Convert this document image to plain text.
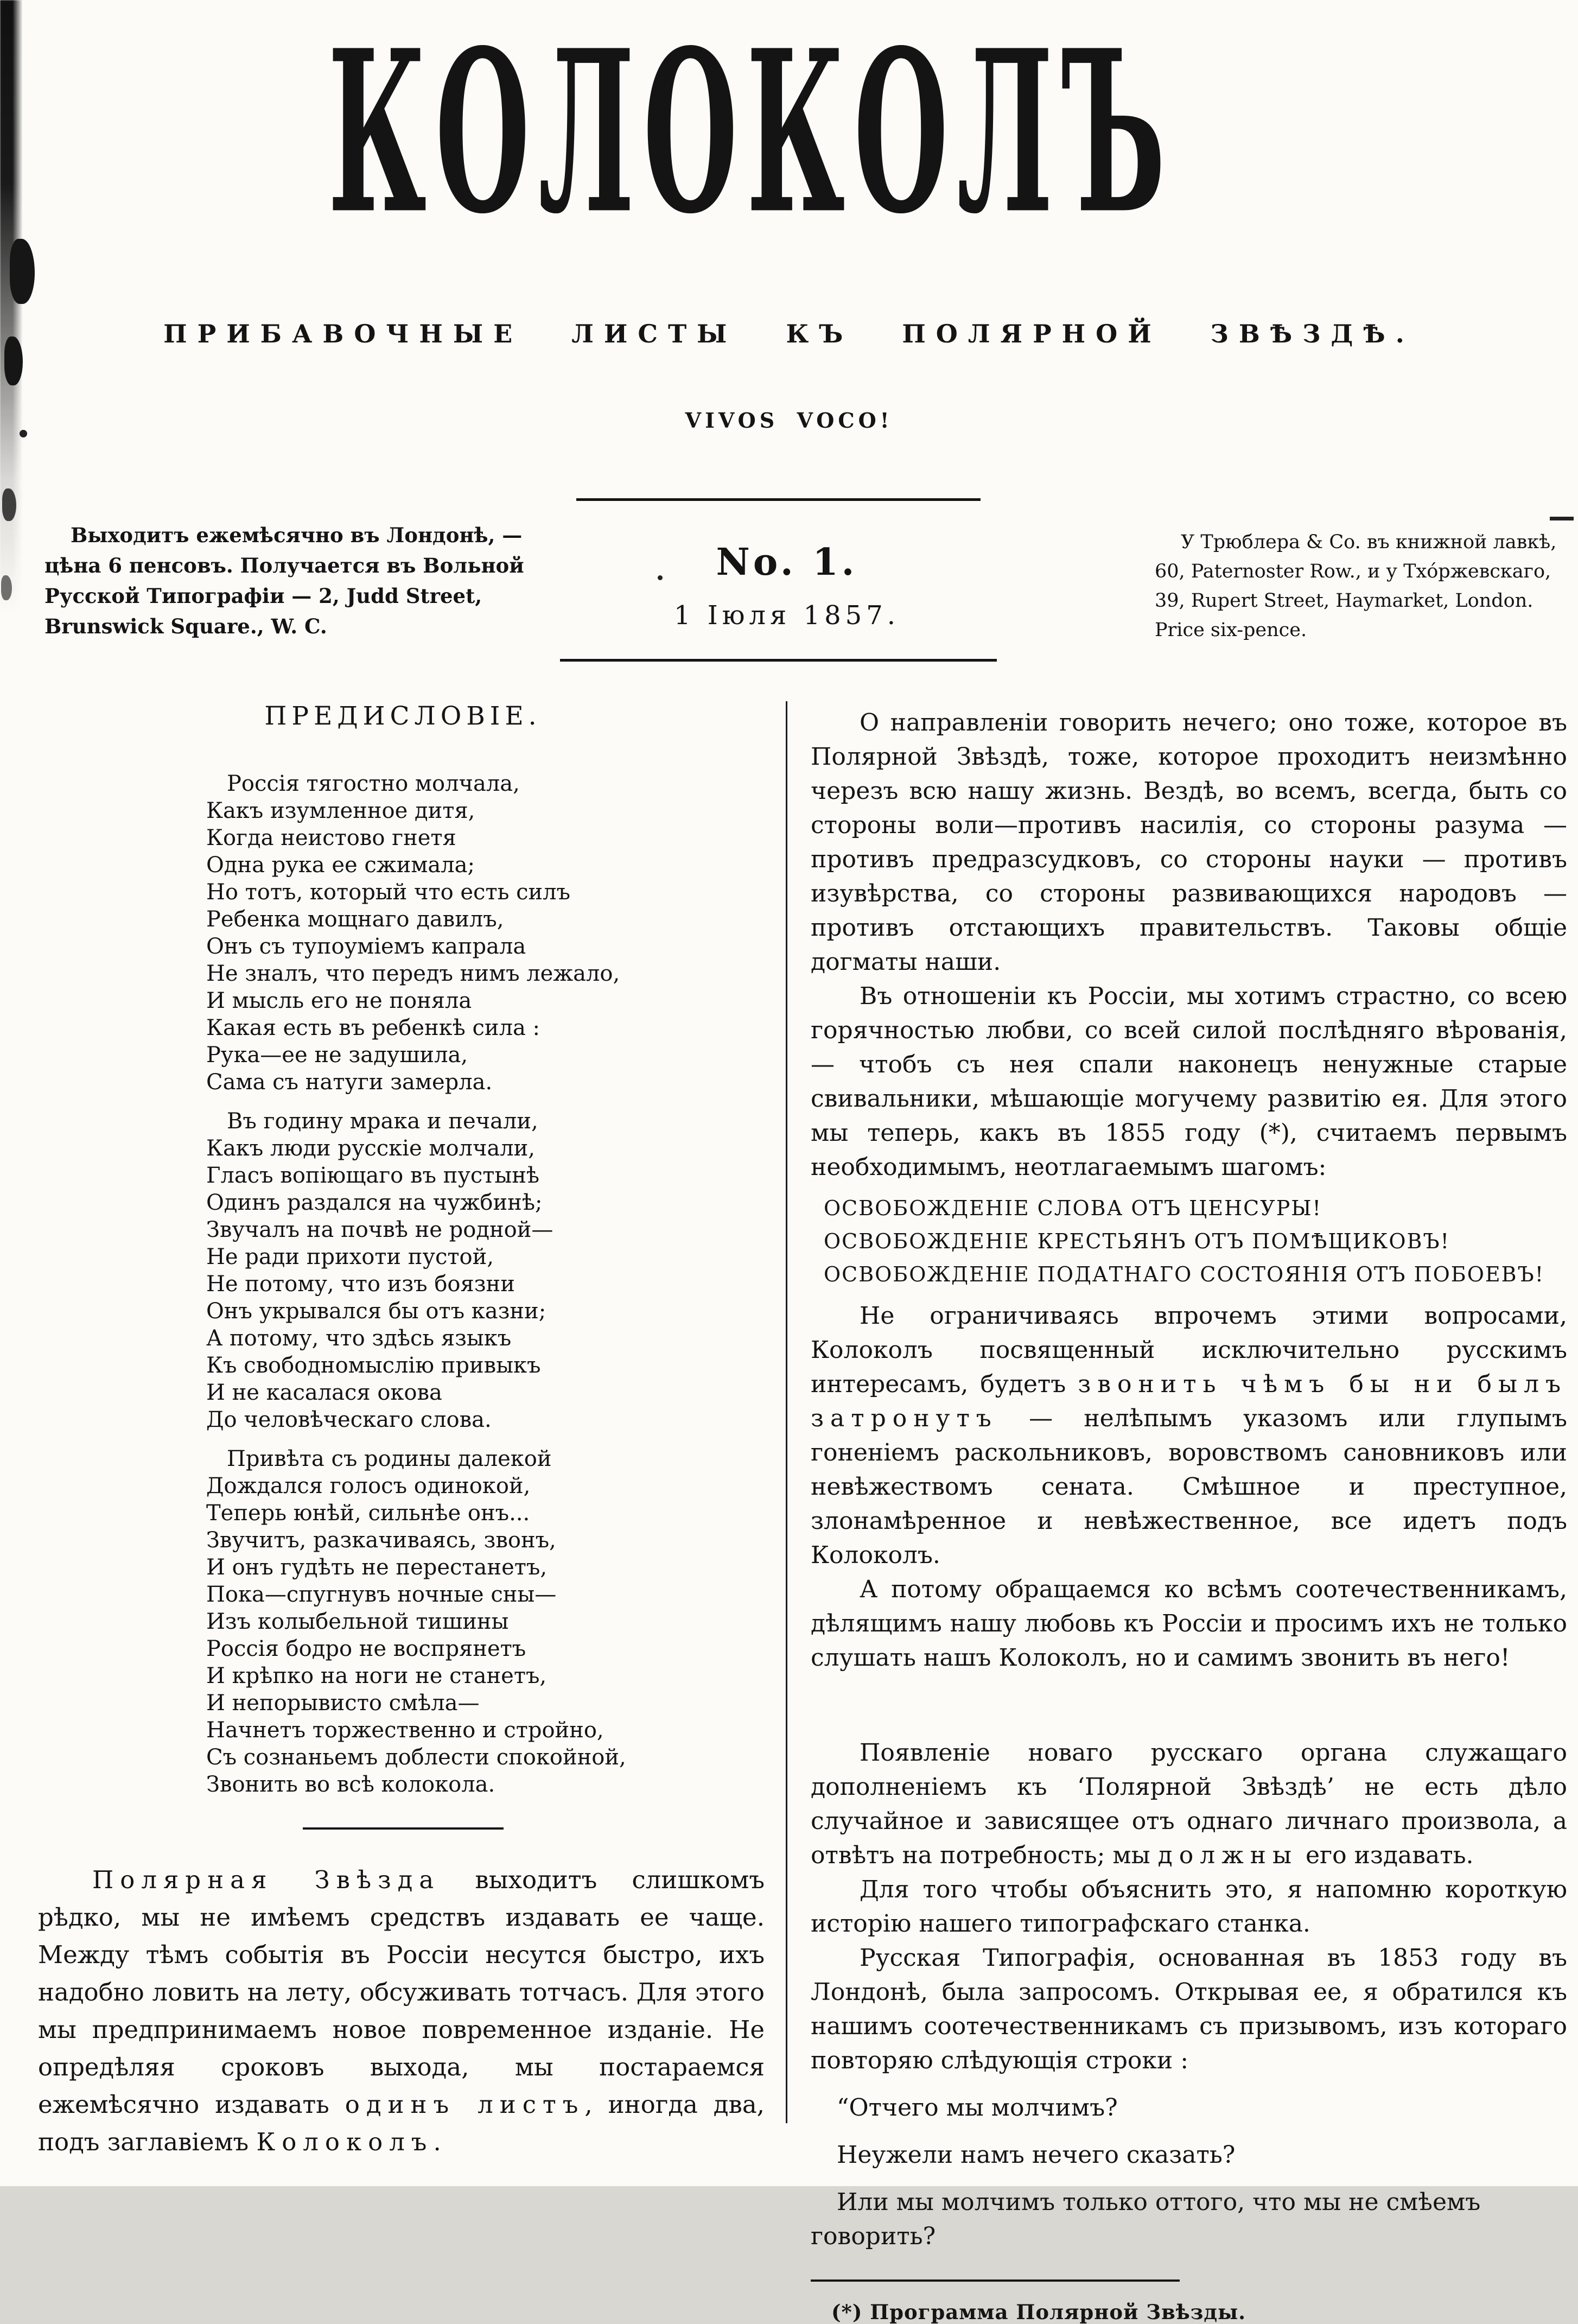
КОЛОКОЛЪ
ПРИБАВОЧНЫЕ ЛИСТЫ КЪ ПОЛЯРНОЙ ЗВѢЗДѢ.
VIVOS VOCO!
Выходитъ ежемѣсячно въ Лондонѣ, —
цѣна 6 пенсовъ. Получается въ Вольной
Русской Типографіи — 2, Judd Street,
Brunswick Square., W. C.
No. 1.
1 Іюля 1857.
У Трюблера & Co. въ книжной лавкѣ,
60, Paternoster Row., и у Тхо́ржевскаго,
39, Rupert Street, Haymarket, London.
Price six-pence.
ПРЕДИСЛОВІЕ.
Россія тягостно молчала,
Какъ изумленное дитя,
Когда неистово гнетя
Одна рука ее сжимала;
Но тотъ, который что есть силъ
Ребенка мощнаго давилъ,
Онъ съ тупоуміемъ капрала
Не зналъ, что передъ нимъ лежало,
И мысль его не поняла
Какая есть въ ребенкѣ сила :
Рука—ее не задушила,
Сама съ натуги замерла.
Въ годину мрака и печали,
Какъ люди русскіе молчали,
Гласъ вопіющаго въ пустынѣ
Одинъ раздался на чужбинѣ;
Звучалъ на почвѣ не родной—
Не ради прихоти пустой,
Не потому, что изъ боязни
Онъ укрывался бы отъ казни;
А потому, что здѣсь языкъ
Къ свободномыслію привыкъ
И не касалася окова
До человѣческаго слова.
Привѣта съ родины далекой
Дождался голосъ одинокой,
Теперь юнѣй, сильнѣе онъ...
Звучитъ, разкачиваясь, звонъ,
И онъ гудѣть не перестанетъ,
Пока—спугнувъ ночные сны—
Изъ колыбельной тишины
Россія бодро не воспрянетъ
И крѣпко на ноги не станетъ,
И непорывисто смѣла—
Начнетъ торжественно и стройно,
Съ сознаньемъ доблести спокойной,
Звонить во всѣ колокола.

Полярная Звѣзда выходитъ слишкомъ рѣдко, мы не имѣемъ средствъ издавать ее чаще. Между тѣмъ событія въ Россіи несутся быстро, ихъ надобно ловить на лету, обсуживать тотчасъ. Для этого мы предпринимаемъ новое повременное изданіе. Не опредѣляя сроковъ выхода, мы постараемся ежемѣсячно издавать одинъ листъ, иногда два, подъ заглавіемъ Колоколъ.

О направленіи говорить нечего; оно тоже, которое въ Полярной Звѣздѣ, тоже, которое проходитъ неизмѣнно черезъ всю нашу жизнь. Вездѣ, во всемъ, всегда, быть со стороны воли—противъ насилія, со стороны разума — противъ предразсудковъ, со стороны науки — противъ изувѣрства, со стороны развивающихся народовъ — противъ отстающихъ правительствъ. Таковы общіе догматы наши.

Въ отношеніи къ Россіи, мы хотимъ страстно, со всею горячностью любви, со всей силой послѣдняго вѣрованія, — чтобъ съ нея спали наконецъ ненужные старые свивальники, мѣшающіе могучему развитію ея. Для этого мы теперь, какъ въ 1855 году (*), считаемъ первымъ необходимымъ, неотлагаемымъ шагомъ:

ОСВОБОЖДЕНІЕ СЛОВА ОТЪ ЦЕНСУРЫ!
ОСВОБОЖДЕНІЕ КРЕСТЬЯНЪ ОТЪ ПОМѢЩИКОВЪ!
ОСВОБОЖДЕНІЕ ПОДАТНАГО СОСТОЯНІЯ ОТЪ ПОБОЕВЪ!

Не ограничиваясь впрочемъ этими вопросами, Колоколъ посвященный исключительно русскимъ интересамъ, будетъ звонить чѣмъ бы ни былъ затронутъ — нелѣпымъ указомъ или глупымъ гоненіемъ раскольниковъ, воровствомъ сановниковъ или невѣжествомъ сената. Смѣшное и преступное, злонамѣренное и невѣжественное, все идетъ подъ Колоколъ.

А потому обращаемся ко всѣмъ соотечественникамъ, дѣлящимъ нашу любовь къ Россіи и просимъ ихъ не только слушать нашъ Колоколъ, но и самимъ звонить въ него!

Появленіе новаго русскаго органа служащаго дополненіемъ къ ‘Полярной Звѣздѣ’ не есть дѣло случайное и зависящее отъ однаго личнаго произвола, а отвѣтъ на потребность; мы должны его издавать.

Для того чтобы объяснить это, я напомню короткую исторію нашего типографскаго станка.

Русская Типографія, основанная въ 1853 году въ Лондонѣ, была запросомъ. Открывая ее, я обратился къ нашимъ соотечественникамъ съ призывомъ, изъ котораго повторяю слѣдующія строки :

“Отчего мы молчимъ?
Неужели намъ нечего сказать?
Или мы молчимъ только оттого, что мы не смѣемъ говорить?
(*) Программа Полярной Звѣзды.
